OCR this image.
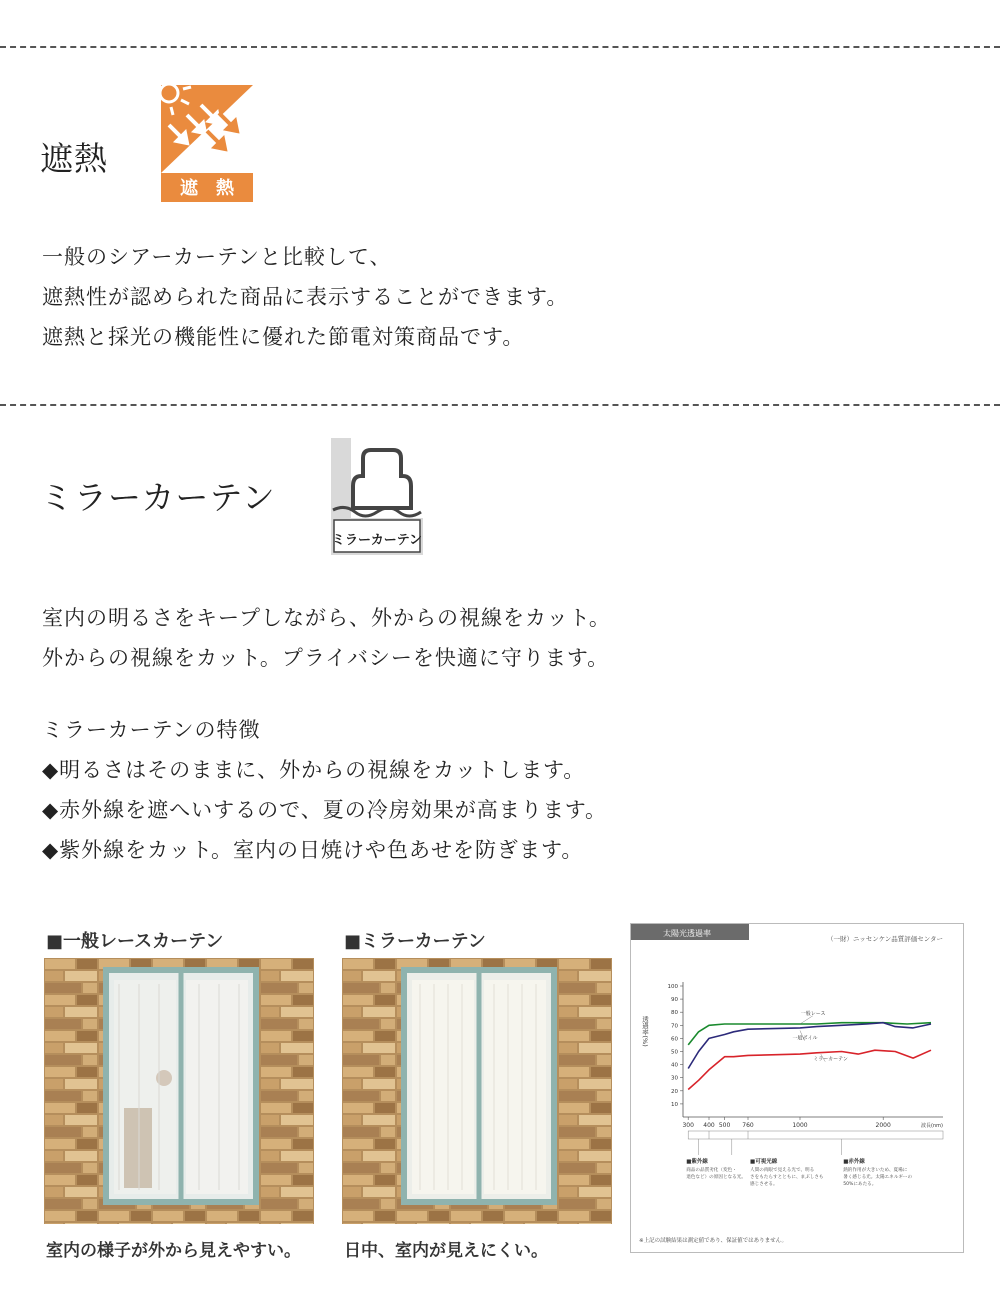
遮熱
遮　熱
一般のシアーカーテンと比較して、
遮熱性が認められた商品に表示することができます。
遮熱と採光の機能性に優れた節電対策商品です。
ミラーカーテン
ミラーカーテン
室内の明るさをキープしながら、外からの視線をカット。
外からの視線をカット。プライバシーを快適に守ります。
ミラーカーテンの特徴
◆明るさはそのままに、外からの視線をカットします。
◆赤外線を遮へいするので、夏の冷房効果が高まります。
◆紫外線をカット。室内の日焼けや色あせを防ぎます。
■一般レースカーテン
室内の様子が外から見えやすい。
■ミラーカーテン
日中、室内が見えにくい。
太陽光透過率
（一財）ニッセンケン品質評価センター
透過率(%)
10
20
30
40
50
60
70
80
90
100
300 400 500 760	1000	2000	波長(nm)
一般レース
一般ボイル
ミラーカーテン
■紫外線
商品の品質劣化（変色・
退色など）の原因となる光。
■可視光線
人間の肉眼で見える光で、明る
さをもたらすとともに、まぶしさも
感じさせる。
■赤外線
熱的作用が大きいため、夏場に
暑く感じる光。太陽エネルギーの
50%にあたる。
※上記の試験結果は測定値であり、保証値ではありません。
